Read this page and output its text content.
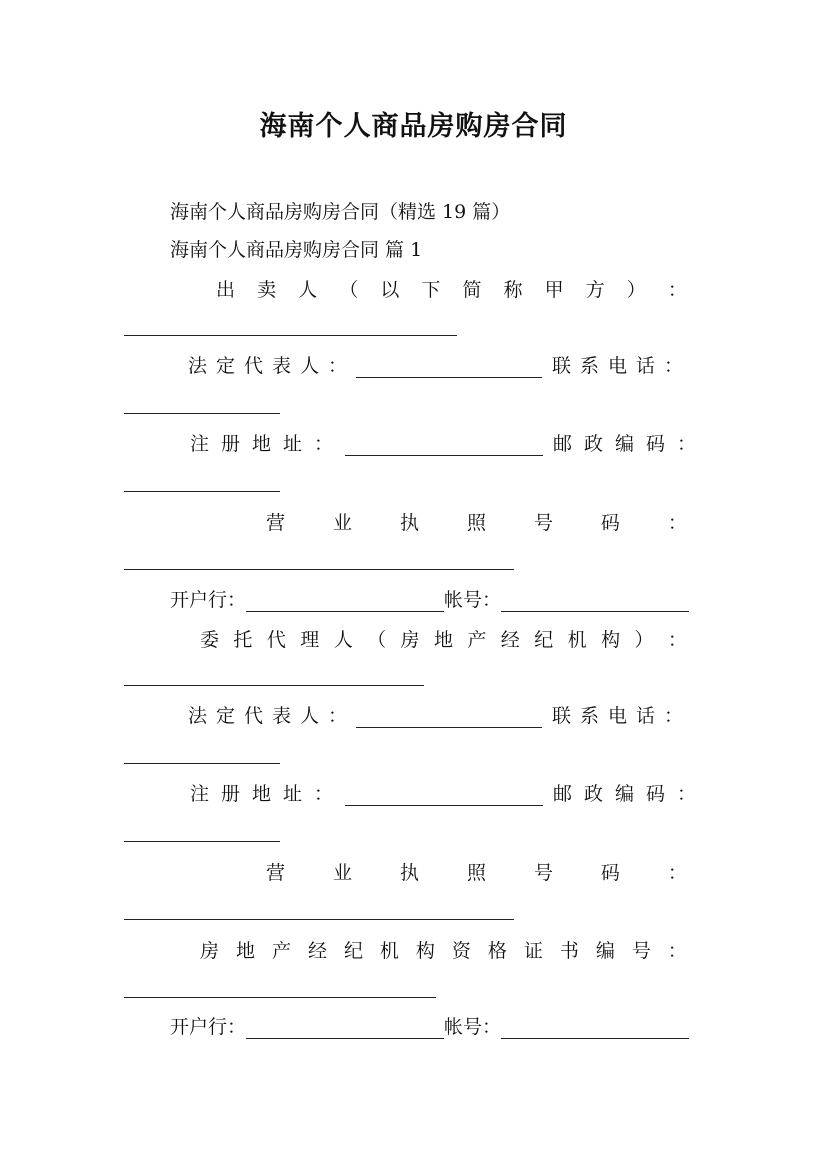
海南个人商品房购房合同
海南个人商品房购房合同（精选 19 篇）
海南个人商品房购房合同 篇 1
出 卖 人 （ 以 下 简 称 甲 方 ） ：
法定代表人：	联系电话：
注册地址：	邮政编码：
营	业	执	照	号	码	：
开户行：	帐号：
委 托 代 理 人 （ 房 地 产 经 纪 机 构 ） ：
法定代表人：	联系电话：
注册地址：	邮政编码：
营	业	执	照	号	码	：
房 地 产 经 纪 机 构 资 格 证 书 编 号 ：
开户行：	帐号：
